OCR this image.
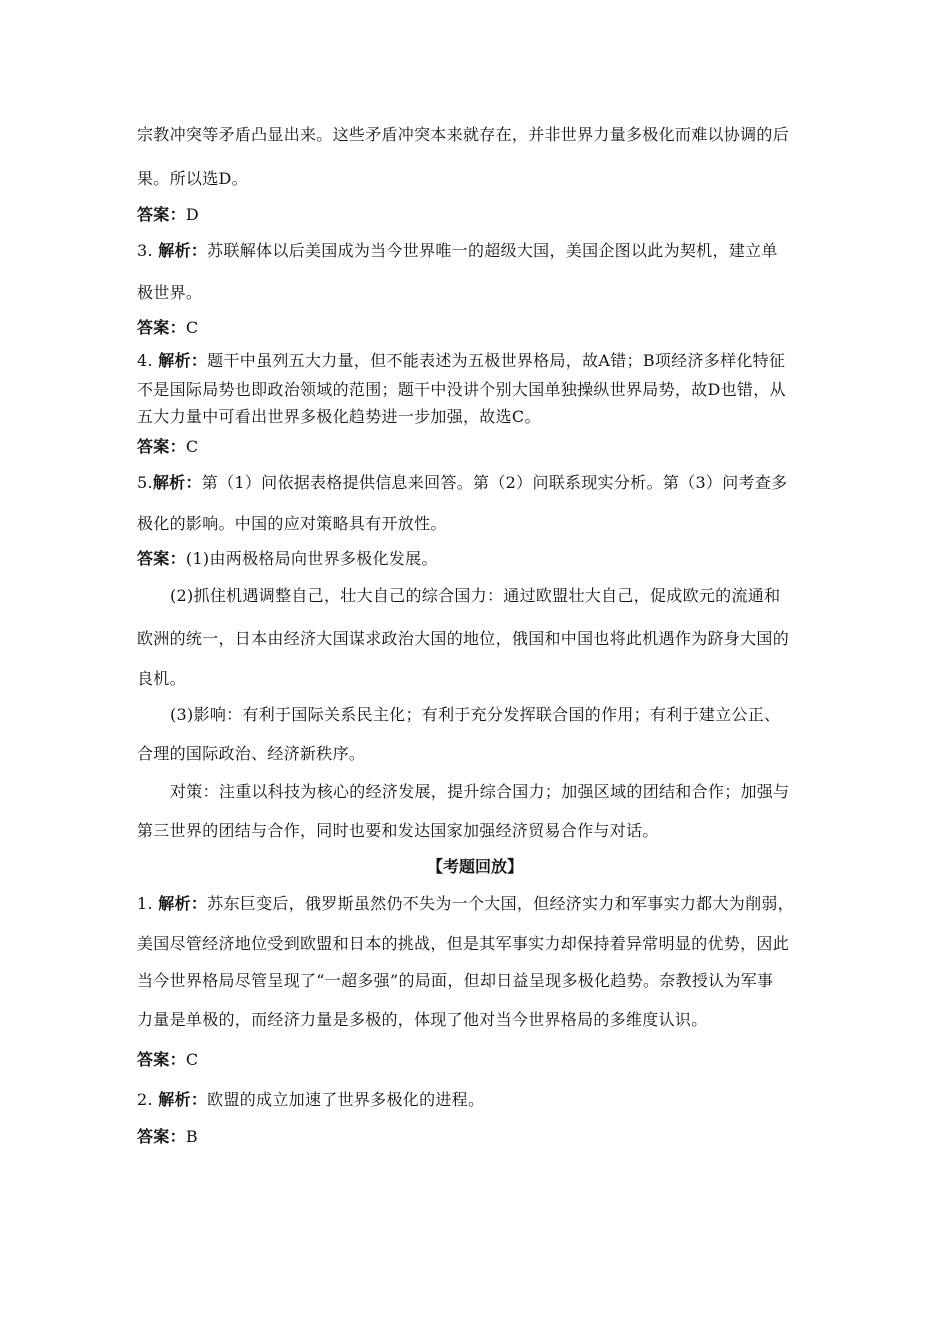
宗教冲突等矛盾凸显出来。这些矛盾冲突本来就存在，并非世界力量多极化而难以协调的后
果。所以选D。
答案：D
3. 解析：苏联解体以后美国成为当今世界唯一的超级大国，美国企图以此为契机，建立单
极世界。
答案：C
4. 解析：题干中虽列五大力量，但不能表述为五极世界格局，故A错；B项经济多样化特征
不是国际局势也即政治领域的范围；题干中没讲个别大国单独操纵世界局势，故D也错，从
五大力量中可看出世界多极化趋势进一步加强，故选C。
答案：C
5.解析：第（1）问依据表格提供信息来回答。第（2）问联系现实分析。第（3）问考查多
极化的影响。中国的应对策略具有开放性。
答案：(1)由两极格局向世界多极化发展。
(2)抓住机遇调整自己，壮大自己的综合国力：通过欧盟壮大自己，促成欧元的流通和
欧洲的统一，日本由经济大国谋求政治大国的地位，俄国和中国也将此机遇作为跻身大国的
良机。
(3)影响：有利于国际关系民主化；有利于充分发挥联合国的作用；有利于建立公正、
合理的国际政治、经济新秩序。
对策：注重以科技为核心的经济发展，提升综合国力；加强区域的团结和合作；加强与
第三世界的团结与合作，同时也要和发达国家加强经济贸易合作与对话。
【考题回放】
1. 解析：苏东巨变后，俄罗斯虽然仍不失为一个大国，但经济实力和军事实力都大为削弱，
美国尽管经济地位受到欧盟和日本的挑战，但是其军事实力却保持着异常明显的优势，因此
当今世界格局尽管呈现了“一超多强”的局面，但却日益呈现多极化趋势。奈教授认为军事
力量是单极的，而经济力量是多极的，体现了他对当今世界格局的多维度认识。
答案：C
2. 解析：欧盟的成立加速了世界多极化的进程。
答案：B
